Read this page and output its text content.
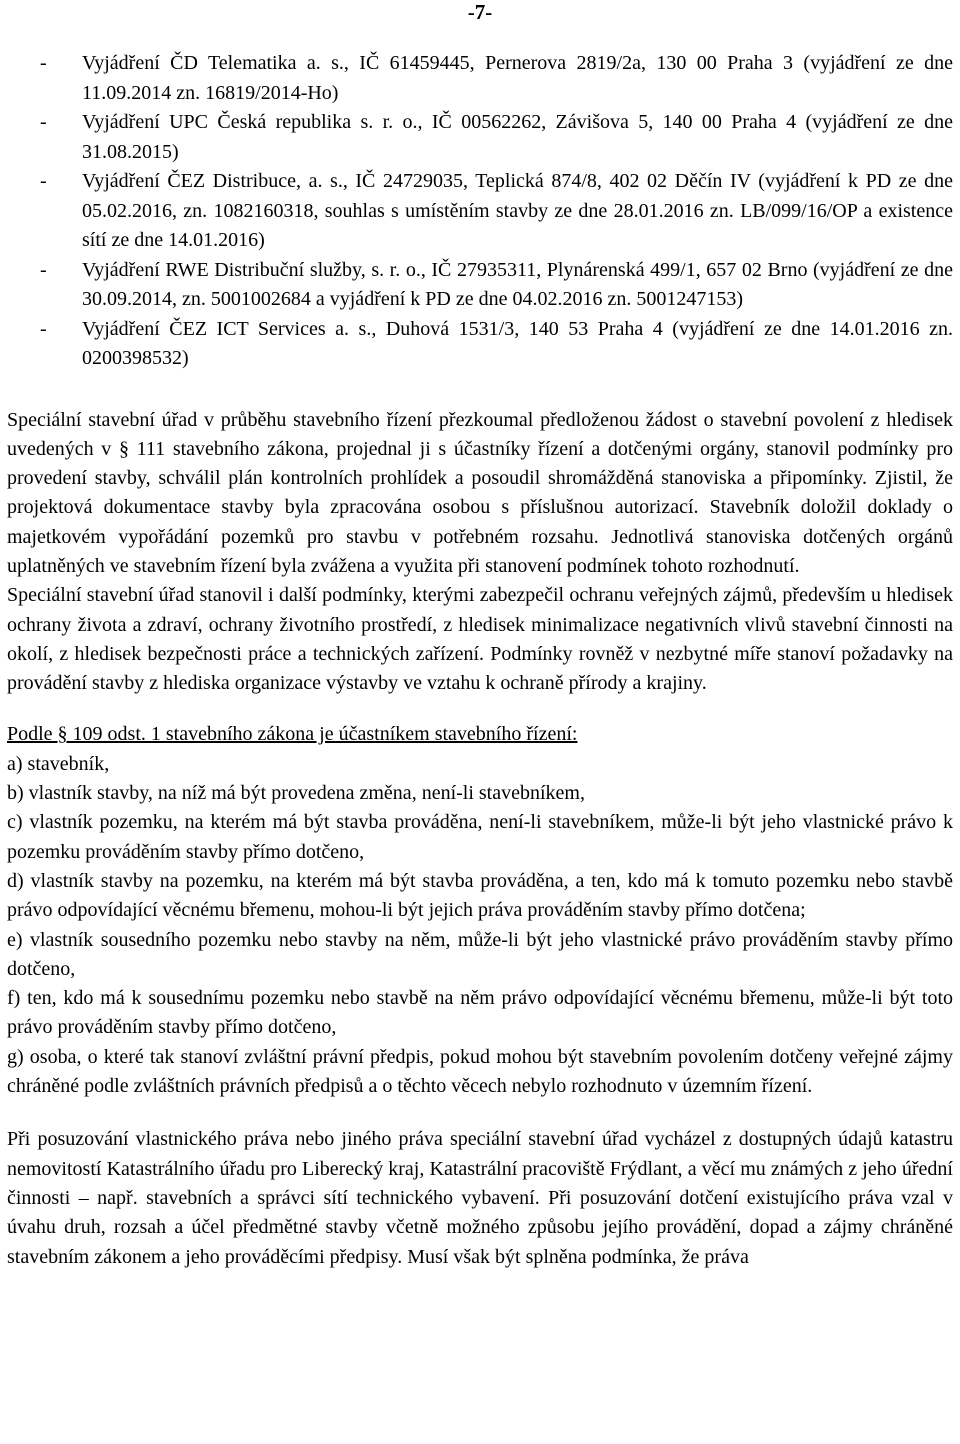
-7-
- Vyjádření ČD Telematika a. s., IČ 61459445, Pernerova 2819/2a, 130 00 Praha 3 (vyjádření ze dne 11.09.2014 zn. 16819/2014-Ho)
- Vyjádření UPC Česká republika s. r. o., IČ 00562262, Závišova 5, 140 00 Praha 4 (vyjádření ze dne 31.08.2015)
- Vyjádření ČEZ Distribuce, a. s., IČ 24729035, Teplická 874/8, 402 02 Děčín IV (vyjádření k PD ze dne 05.02.2016, zn. 1082160318, souhlas s umístěním stavby ze dne 28.01.2016 zn. LB/099/16/OP a existence sítí ze dne 14.01.2016)
- Vyjádření RWE Distribuční služby, s. r. o., IČ 27935311, Plynárenská 499/1, 657 02 Brno (vyjádření ze dne 30.09.2014, zn. 5001002684 a vyjádření k PD ze dne 04.02.2016 zn. 5001247153)
- Vyjádření ČEZ ICT Services a. s., Duhová 1531/3, 140 53 Praha 4 (vyjádření ze dne 14.01.2016 zn. 0200398532)

Speciální stavební úřad v průběhu stavebního řízení přezkoumal předloženou žádost o stavební povolení z hledisek uvedených v § 111 stavebního zákona, projednal ji s účastníky řízení a dotčenými orgány, stanovil podmínky pro provedení stavby, schválil plán kontrolních prohlídek a posoudil shromážděná stanoviska a připomínky. Zjistil, že projektová dokumentace stavby byla zpracována osobou s příslušnou autorizací. Stavebník doložil doklady o majetkovém vypořádání pozemků pro stavbu v potřebném rozsahu. Jednotlivá stanoviska dotčených orgánů uplatněných ve stavebním řízení byla zvážena a využita při stanovení podmínek tohoto rozhodnutí.

Speciální stavební úřad stanovil i další podmínky, kterými zabezpečil ochranu veřejných zájmů, především u hledisek ochrany života a zdraví, ochrany životního prostředí, z hledisek minimalizace negativních vlivů stavební činnosti na okolí, z hledisek bezpečnosti práce a technických zařízení. Podmínky rovněž v nezbytné míře stanoví požadavky na provádění stavby z hlediska organizace výstavby ve vztahu k ochraně přírody a krajiny.

Podle § 109 odst. 1 stavebního zákona je účastníkem stavebního řízení:

a) stavebník,

b) vlastník stavby, na níž má být provedena změna, není-li stavebníkem,

c) vlastník pozemku, na kterém má být stavba prováděna, není-li stavebníkem, může-li být jeho vlastnické právo k pozemku prováděním stavby přímo dotčeno,

d) vlastník stavby na pozemku, na kterém má být stavba prováděna, a ten, kdo má k tomuto pozemku nebo stavbě právo odpovídající věcnému břemenu, mohou-li být jejich práva prováděním stavby přímo dotčena;

e) vlastník sousedního pozemku nebo stavby na něm, může-li být jeho vlastnické právo prováděním stavby přímo dotčeno,

f) ten, kdo má k sousednímu pozemku nebo stavbě na něm právo odpovídající věcnému břemenu, může-li být toto právo prováděním stavby přímo dotčeno,

g) osoba, o které tak stanoví zvláštní právní předpis, pokud mohou být stavebním povolením dotčeny veřejné zájmy chráněné podle zvláštních právních předpisů a o těchto věcech nebylo rozhodnuto v územním řízení.

Při posuzování vlastnického práva nebo jiného práva speciální stavební úřad vycházel z dostupných údajů katastru nemovitostí Katastrálního úřadu pro Liberecký kraj, Katastrální pracoviště Frýdlant, a věcí mu známých z jeho úřední činnosti – např. stavebních a správci sítí technického vybavení. Při posuzování dotčení existujícího práva vzal v úvahu druh, rozsah a účel předmětné stavby včetně možného způsobu jejího provádění, dopad a zájmy chráněné stavebním zákonem a jeho prováděcími předpisy. Musí však být splněna podmínka, že práva
